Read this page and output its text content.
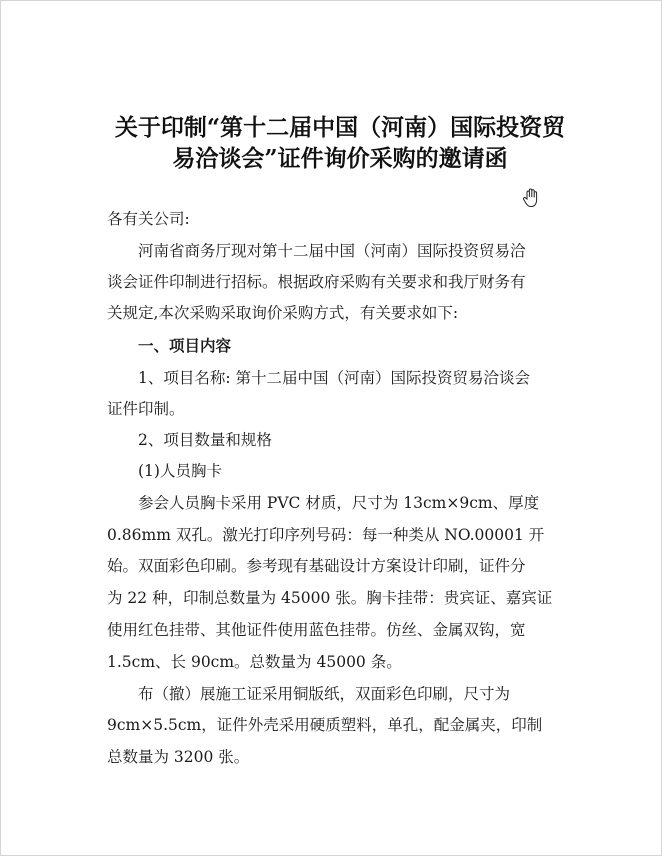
关于印制“第十二届中国（河南）国际投资贸
易洽谈会”证件询价采购的邀请函
各有关公司:
河南省商务厅现对第十二届中国（河南）国际投资贸易洽
谈会证件印制进行招标。根据政府采购有关要求和我厅财务有
关规定,本次采购采取询价采购方式，有关要求如下:
一、项目内容
1、项目名称: 第十二届中国（河南）国际投资贸易洽谈会
证件印制。
2、项目数量和规格
(1)人员胸卡
参会人员胸卡采用 PVC 材质，尺寸为 13cm×9cm、厚度
0.86mm 双孔。激光打印序列号码：每一种类从 NO.00001 开
始。双面彩色印刷。参考现有基础设计方案设计印刷，证件分
为 22 种，印制总数量为 45000 张。胸卡挂带：贵宾证、嘉宾证
使用红色挂带、其他证件使用蓝色挂带。仿丝、金属双钩，宽
1.5cm、长 90cm。总数量为 45000 条。
布（撤）展施工证采用铜版纸，双面彩色印刷，尺寸为
9cm×5.5cm，证件外壳采用硬质塑料，单孔，配金属夹，印制
总数量为 3200 张。
